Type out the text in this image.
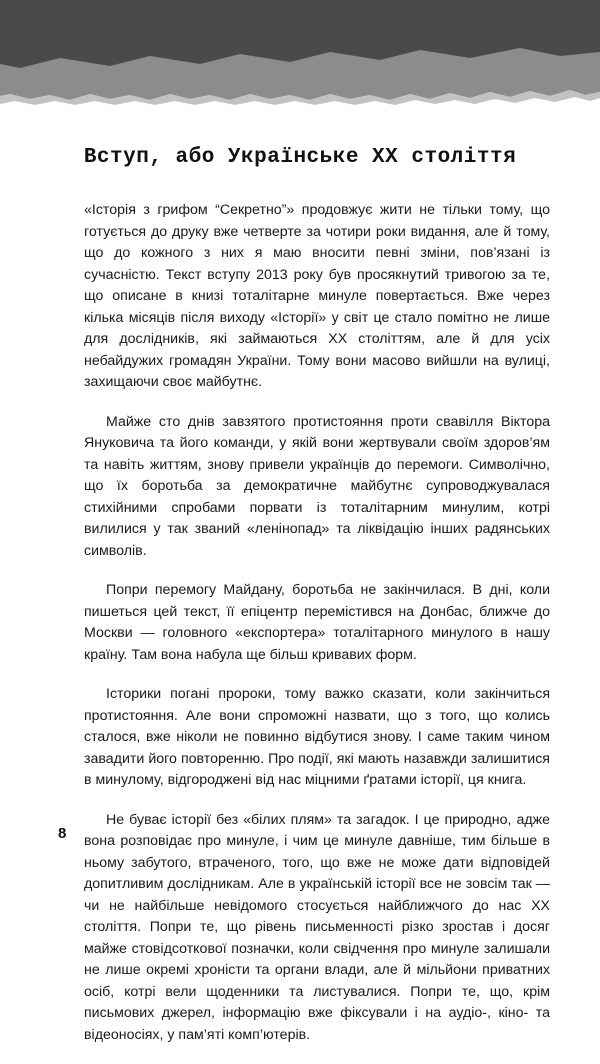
Вступ, або Українське ХХ століття

«Історія з грифом “Секретно”» продовжує жити не тільки тому, що готується до друку вже четверте за чотири роки видання, але й тому, що до кожного з них я маю вносити певні зміни, пов’язані із сучасністю. Текст вступу 2013 року був просякнутий тривогою за те, що описане в книзі тоталітарне минуле повертається. Вже через кілька місяців після виходу «Історії» у світ це стало помітно не лише для дослідників, які займаються ХХ століттям, але й для усіх небайдужих громадян України. Тому вони масово вийшли на вулиці, захищаючи своє майбутнє.

Майже сто днів завзятого протистояння проти свавілля Віктора Януковича та його команди, у якій вони жертвували своїм здоров’ям та навіть життям, знову привели українців до перемоги. Символічно, що їх боротьба за демократичне майбутнє супроводжувалася стихійними спробами порвати із тоталітарним минулим, котрі вилилися у так званий «ленінопад» та ліквідацію інших радянських символів.

Попри перемогу Майдану, боротьба не закінчилася. В дні, коли пишеться цей текст, її епіцентр перемістився на Донбас, ближче до Москви — головного «експортера» тоталітарного минулого в нашу країну. Там вона набула ще більш кривавих форм.

Історики погані пророки, тому важко сказати, коли закінчиться протистояння. Але вони спроможні назвати, що з того, що колись сталося, вже ніколи не повинно відбутися знову. І саме таким чином завадити його повторенню. Про події, які мають назавжди залишитися в минулому, відгороджені від нас міцними ґратами історії, ця книга.

Не буває історії без «білих плям» та загадок. І це природно, адже вона розповідає про минуле, і чим це минуле давніше, тим більше в ньому забутого, втраченого, того, що вже не може дати відповідей допитливим дослідникам. Але в українській історії все не зовсім так — чи не найбільше невідомого стосується найближчого до нас ХХ століття. Попри те, що рівень письменності різко зростав і досяг майже стовідсоткової позначки, коли свідчення про минуле залишали не лише окремі хроністи та органи влади, але й мільйони приватних осіб, котрі вели щоденники та листувалися. Попри те, що, крім письмових джерел, інформацію вже фіксували і на аудіо-, кіно- та відеоносіях, у пам’яті комп’ютерів.

8
